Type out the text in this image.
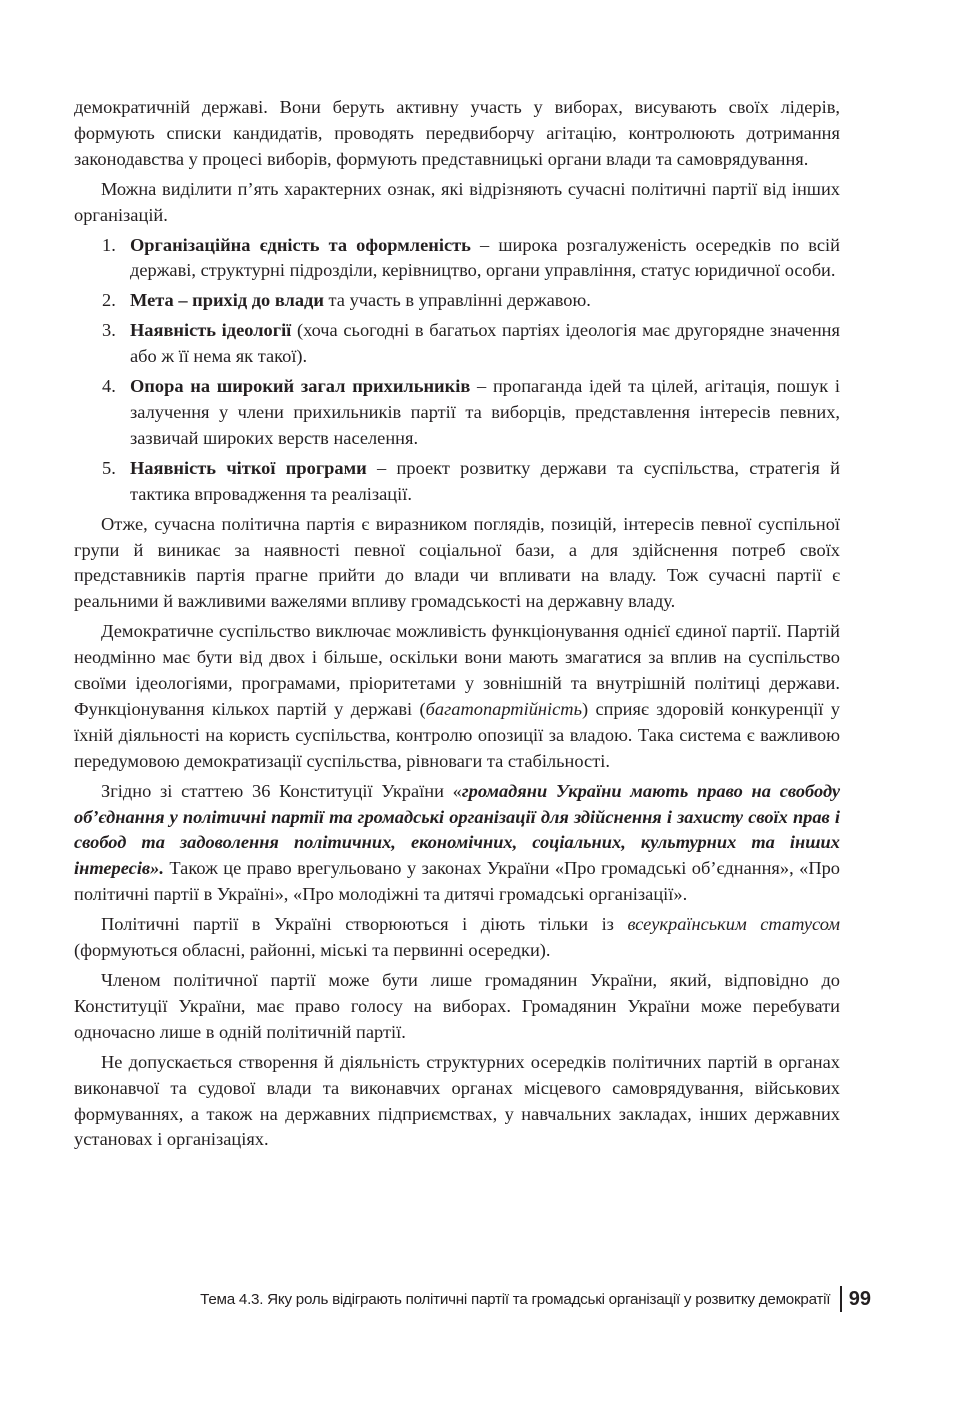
демократичній державі. Вони беруть активну участь у виборах, висувають своїх лідерів, формують списки кандидатів, проводять передвиборчу агітацію, контролюють дотримання законодавства у процесі виборів, формують представницькі органи влади та самоврядування.

Можна виділити п’ять характерних ознак, які відрізняють сучасні політичні партії від інших організацій.

1. Організаційна єдність та оформленість – широка розгалуженість осередків по всій державі, структурні підрозділи, керівництво, органи управління, статус юридичної особи.
2. Мета – прихід до влади та участь в управлінні державою.
3. Наявність ідеології (хоча сьогодні в багатьох партіях ідеологія має другорядне значення або ж її нема як такої).
4. Опора на широкий загал прихильників – пропаганда ідей та цілей, агітація, пошук і залучення у члени прихильників партії та виборців, представлення інтересів певних, зазвичай широких верств населення.
5. Наявність чіткої програми – проект розвитку держави та суспільства, стратегія й тактика впровадження та реалізації.

Отже, сучасна політична партія є виразником поглядів, позицій, інтересів певної суспільної групи й виникає за наявності певної соціальної бази, а для здійснення потреб своїх представників партія прагне прийти до влади чи впливати на владу. Тож сучасні партії є реальними й важливими важелями впливу громадськості на державну владу.

Демократичне суспільство виключає можливість функціонування однієї єдиної партії. Партій неодмінно має бути від двох і більше, оскільки вони мають змагатися за вплив на суспільство своїми ідеологіями, програмами, пріоритетами у зовнішній та внутрішній політиці держави. Функціонування кількох партій у державі (багатопартійність) сприяє здоровій конкуренції у їхній діяльності на користь суспільства, контролю опозиції за владою. Така система є важливою передумовою демократизації суспільства, рівноваги та стабільності.

Згідно зі статтею 36 Конституції України «громадяни України мають право на свободу об’єднання у політичні партії та громадські організації для здійснення і захисту своїх прав і свобод та задоволення політичних, економічних, соціальних, культурних та інших інтересів». Також це право врегульовано у законах України «Про громадські об’єднання», «Про політичні партії в Україні», «Про молодіжні та дитячі громадські організації».

Політичні партії в Україні створюються і діють тільки із всеукраїнським статусом (формуються обласні, районні, міські та первинні осередки).

Членом політичної партії може бути лише громадянин України, який, відповідно до Конституції України, має право голосу на виборах. Громадянин України може перебувати одночасно лише в одній політичній партії.

Не допускається створення й діяльність структурних осередків політичних партій в органах виконавчої та судової влади та виконавчих органах місцевого самоврядування, військових формуваннях, а також на державних підприємствах, у навчальних закладах, інших державних установах і організаціях.

Тема 4.3. Яку роль відіграють політичні партії та громадські організації у розвитку демократії 99
